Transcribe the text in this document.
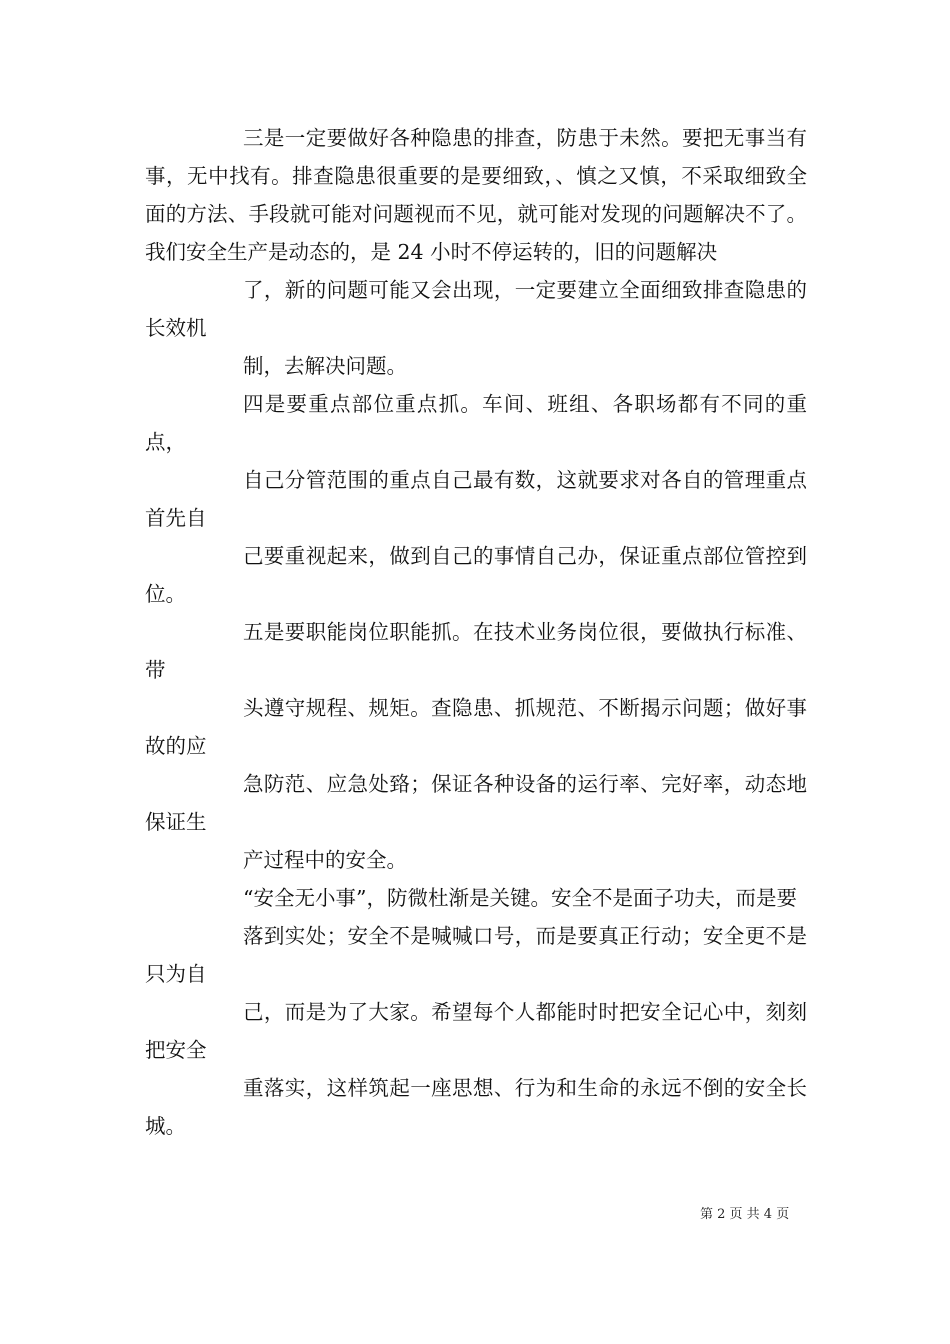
三是一定要做好各种隐患的排查，防患于未然。要把无事当有事，无中找有。排查隐患很重要的是要细致，、慎之又慎，不采取细致全面的方法、手段就可能对问题视而不见，就可能对发现的问题解决不了。我们安全生产是动态的，是 24 小时不停运转的，旧的问题解决

了，新的问题可能又会出现，一定要建立全面细致排查隐患的长效机

制，去解决问题。

四是要重点部位重点抓。车间、班组、各职场都有不同的重点，

自己分管范围的重点自己最有数，这就要求对各自的管理重点首先自

己要重视起来，做到自己的事情自己办，保证重点部位管控到位。

五是要职能岗位职能抓。在技术业务岗位很，要做执行标准、带

头遵守规程、规矩。查隐患、抓规范、不断揭示问题；做好事故的应

急防范、应急处臵；保证各种设备的运行率、完好率，动态地保证生

产过程中的安全。

“安全无小事”，防微杜渐是关键。安全不是面子功夫，而是要

落到实处；安全不是喊喊口号，而是要真正行动；安全更不是只为自

己，而是为了大家。希望每个人都能时时把安全记心中，刻刻把安全

重落实，这样筑起一座思想、行为和生命的永远不倒的安全长城。

第 2 页 共 4 页
